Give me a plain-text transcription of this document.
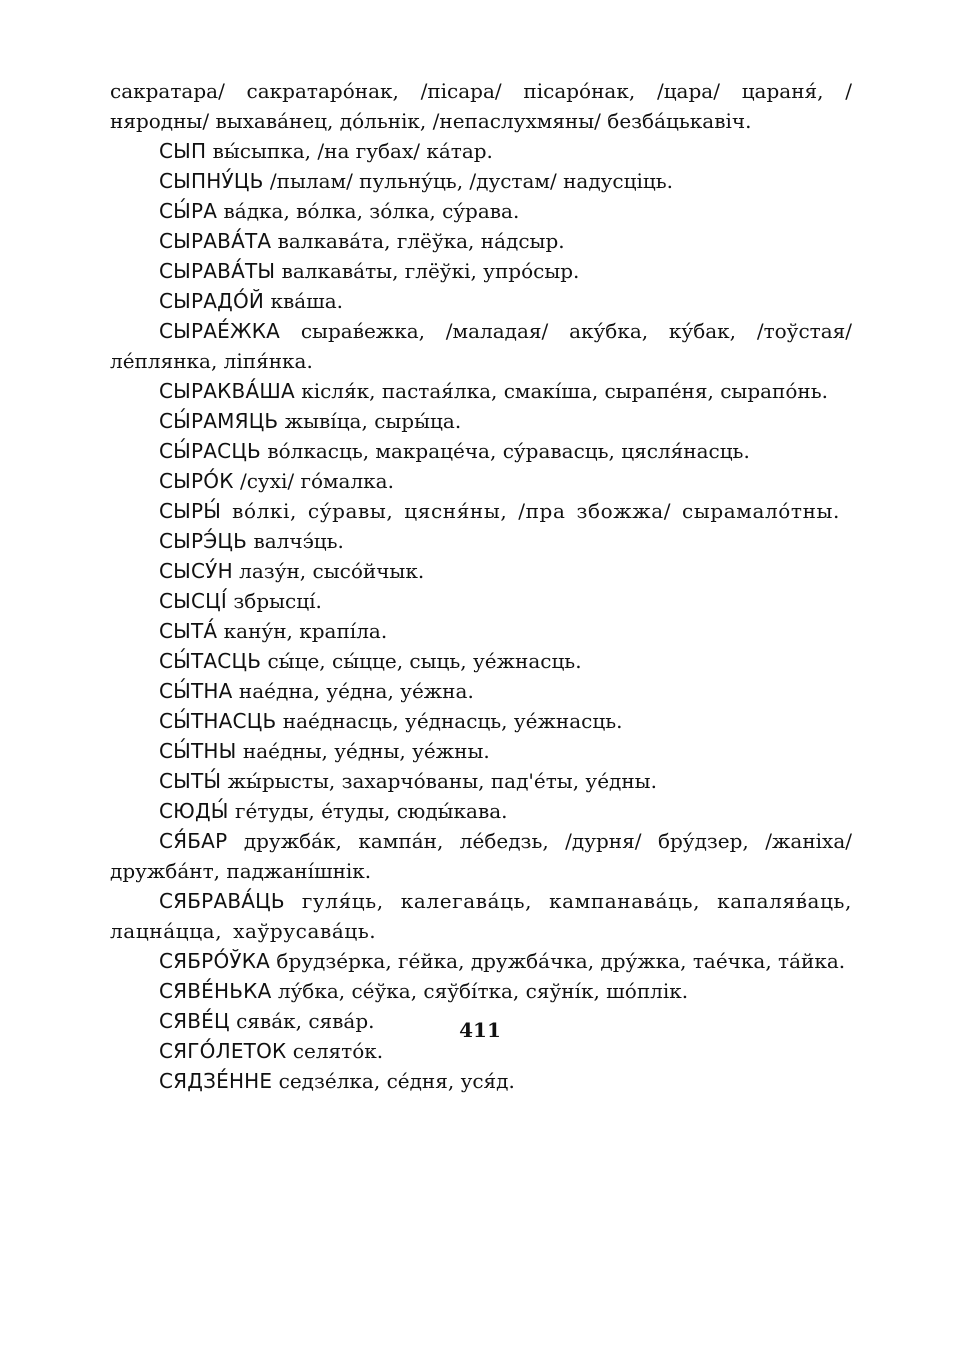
сакратара/ сакратаро́нак, /пісара/ пісаро́нак, /цара/ царaня́, /нярoдны/ выхава́нец, до́льнік, /непаслухмяны/ безба́цькавіч.

СЫП вы́сыпка, /на губах/ ка́тар.

СЫПНУ́ЦЬ /пылам/ пульну́ць, /дустам/ надусціць.

СЫ́РА ва́дка, во́лка, зо́лка, су́рава.

СЫРАВА́ТА валкава́та, глёўка, на́дсыр.

СЫРАВА́ТЫ валкава́ты, глёўкі, упро́сыр.

СЫРАДО́Й ква́ша.

СЫРАЕ́ЖКА сырав́ежка, /маладая/ аку́бка, ку́бак, /тоўстая/ ле́плянка, ліпя́нка.

СЫРАКВА́ША кісля́к, пастая́лка, смакі́ша, сырапе́ня, сырапо́нь.

СЫ́РАМЯЦЬ жыві́ца, сыры́ца.

СЫ́РАСЦЬ во́лкасць, макраце́ча, су́равасць, цясля́насць.

СЫРО́К /сухі/ го́малка.

СЫРЫ́ во́лкі, су́равы, цясня́ны, /пра збожжа/ сырамало́тны.

СЫРЭ́ЦЬ валчэ́ць.

СЫСУ́Н лазу́н, сысо́йчык.

СЫСЦІ́ збрысці́.

СЫТА́ кану́н, крапі́ла.

СЫ́ТАСЦЬ сы́це, сы́цце, сыць, уе́жнасць.

СЫ́ТНА нае́дна, уе́дна, уе́жна.

СЫ́ТНАСЦЬ нае́днасць, уе́днасць, уе́жнасць.

СЫ́ТНЫ нае́дны, уе́дны, уе́жны.

СЫТЫ́ жы́рысты, захарчо́ваны, пад'е́ты, уе́дны.

СЮДЫ́ ге́туды, е́туды, сюды́кава.

СЯ́БАР дружба́к, кампа́н, ле́бедзь, /дурня/ бру́дзер, /жаніха/ дружба́нт, паджані́шнік.

СЯБРАВА́ЦЬ гуля́ць, калегава́ць, кампанава́ць, капаляв́аць, лацна́цца, хаўрусава́ць.

СЯБРО́ЎКА брудзе́рка, ге́йка, дружба́чка, дру́жка, тае́чка, та́йка.

СЯВЕ́НЬКА лу́бка, се́ўка, сяўбі́тка, сяўні́к, шо́плік.

СЯВЕ́Ц сява́к, сява́р.

СЯГО́ЛЕТОК селято́к.

СЯДЗЕ́ННЕ седзе́лка, се́дня, уся́д.

411
